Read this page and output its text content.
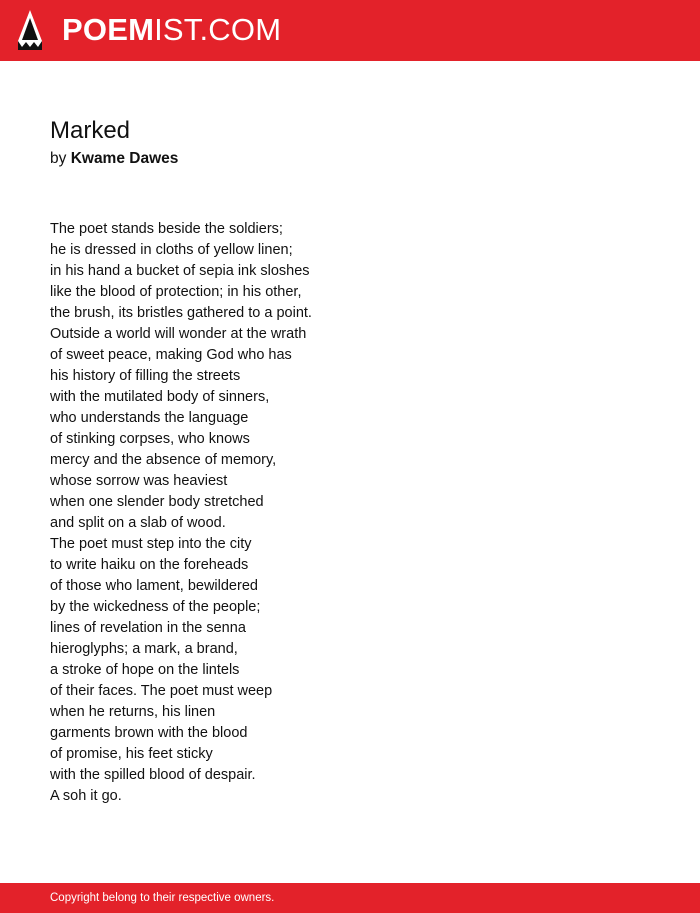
POEMIST.COM
Marked
by Kwame Dawes
The poet stands beside the soldiers;
he is dressed in cloths of yellow linen;
in his hand a bucket of sepia ink sloshes
like the blood of protection; in his other,
the brush, its bristles gathered to a point.
Outside a world will wonder at the wrath
of sweet peace, making God who has
his history of filling the streets
with the mutilated body of sinners,
who understands the language
of stinking corpses, who knows
mercy and the absence of memory,
whose sorrow was heaviest
when one slender body stretched
and split on a slab of wood.
The poet must step into the city
to write haiku on the foreheads
of those who lament, bewildered
by the wickedness of the people;
lines of revelation in the senna
hieroglyphs; a mark, a brand,
a stroke of hope on the lintels
of their faces. The poet must weep
when he returns, his linen
garments brown with the blood
of promise, his feet sticky
with the spilled blood of despair.
A soh it go.
Copyright belong to their respective owners.
